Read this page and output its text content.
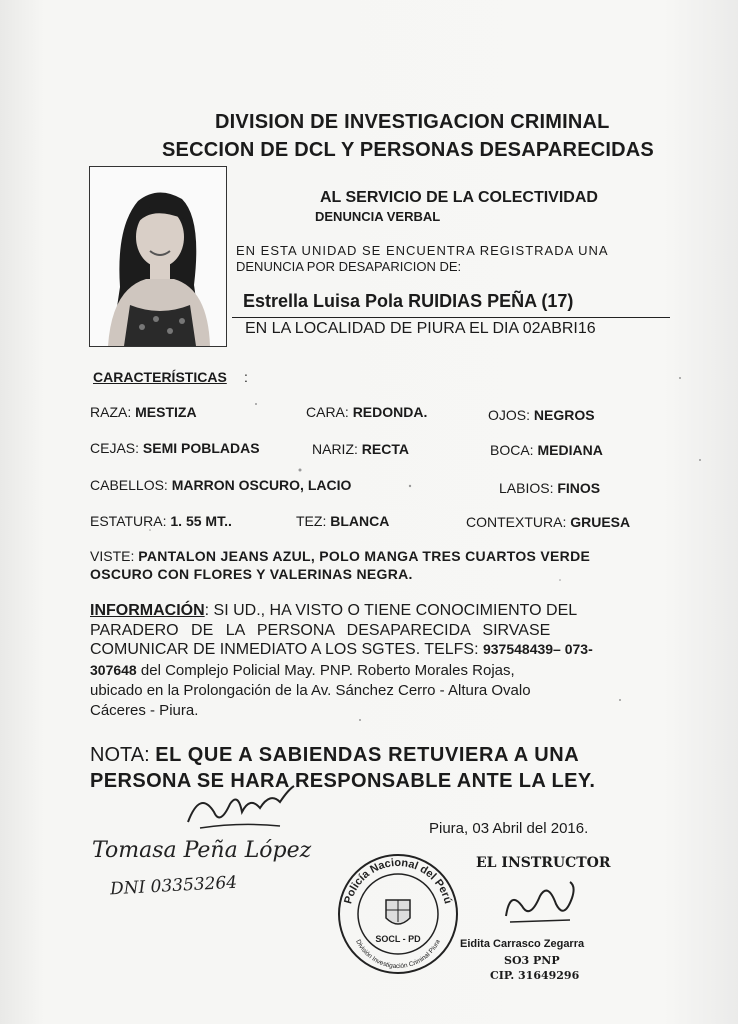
DIVISION DE INVESTIGACION CRIMINAL
SECCION DE DCL Y PERSONAS DESAPARECIDAS
AL SERVICIO DE LA COLECTIVIDAD
DENUNCIA VERBAL
EN ESTA UNIDAD SE ENCUENTRA REGISTRADA UNA
DENUNCIA POR DESAPARICION DE:
Estrella Luisa Pola RUIDIAS PEÑA (17)
EN LA LOCALIDAD DE PIURA EL DIA 02ABRI16
CARACTERÍSTICAS :
RAZA: MESTIZA	CARA: REDONDA.	OJOS: NEGROS
CEJAS: SEMI POBLADAS	NARIZ: RECTA	BOCA: MEDIANA
CABELLOS: MARRON OSCURO, LACIO	LABIOS: FINOS
ESTATURA: 1. 55 MT..	TEZ: BLANCA	CONTEXTURA: GRUESA
VISTE: PANTALON JEANS AZUL, POLO MANGA TRES CUARTOS VERDE
OSCURO CON FLORES Y VALERINAS NEGRA.
INFORMACIÓN: SI UD., HA VISTO O TIENE CONOCIMIENTO DEL
PARADERO DE LA PERSONA DESAPARECIDA SIRVASE
COMUNICAR DE INMEDIATO A LOS SGTES. TELFS: 937548439– 073-
307648 del Complejo Policial May. PNP. Roberto Morales Rojas,
ubicado en la Prolongación de la Av. Sánchez Cerro - Altura Ovalo
Cáceres - Piura.
NOTA: EL QUE A SABIENDAS RETUVIERA A UNA
PERSONA SE HARA RESPONSABLE ANTE LA LEY.
Tomasa Peña López
DNI 03353264
Piura, 03 Abril del 2016.
EL INSTRUCTOR
Eidita Carrasco Zegarra
SO3 PNP
CIP. 31649296
Policía Nacional del Perú
División Investigación Criminal Piura
SOCL - PD
